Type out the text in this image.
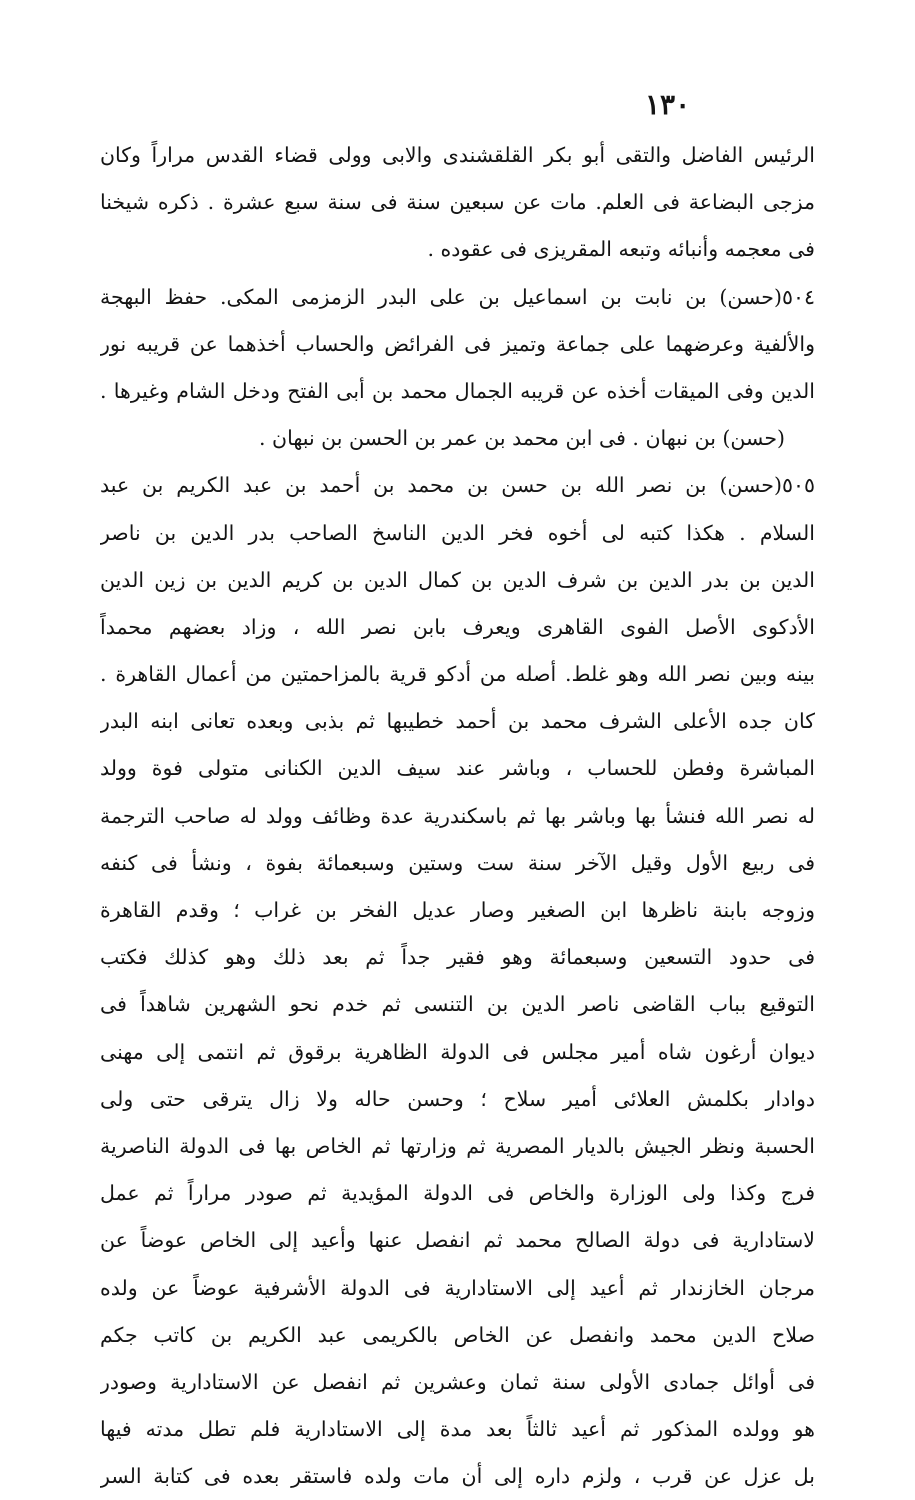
١٣٠
الرئيس الفاضل والتقى أبو بكر القلقشندى والابى وولى قضاء القدس مراراً وكان
مزجى البضاعة فى العلم. مات عن سبعين سنة فى سنة سبع عشرة . ذكره شيخنا
فى معجمه وأنبائه وتبعه المقريزى فى عقوده .
٥٠٤(حسن) بن نابت بن اسماعيل بن على البدر الزمزمى المكى. حفظ البهجة
والألفية وعرضهما على جماعة وتميز فى الفرائض والحساب أخذهما عن قريبه نور
الدين وفى الميقات أخذه عن قريبه الجمال محمد بن أبى الفتح ودخل الشام وغيرها .
(حسن) بن نبهان . فى ابن محمد بن عمر بن الحسن بن نبهان .
٥٠٥(حسن) بن نصر الله بن حسن بن محمد بن أحمد بن عبد الكريم بن عبد
السلام . هكذا كتبه لى أخوه فخر الدين الناسخ الصاحب بدر الدين بن ناصر
الدين بن بدر الدين بن شرف الدين بن كمال الدين بن كريم الدين بن زين الدين
الأدكوى الأصل الفوى القاهرى ويعرف بابن نصر الله ، وزاد بعضهم محمداً
بينه وبين نصر الله وهو غلط. أصله من أدكو قرية بالمزاحمتين من أعمال القاهرة .
كان جده الأعلى الشرف محمد بن أحمد خطيبها ثم بذبى وبعده تعانى ابنه البدر
المباشرة وفطن للحساب ، وباشر عند سيف الدين الكنانى متولى فوة وولد
له نصر الله فنشأ بها وباشر بها ثم باسكندرية عدة وظائف وولد له صاحب الترجمة
فى ربيع الأول وقيل الآخر سنة ست وستين وسبعمائة بفوة ، ونشأ فى كنفه
وزوجه بابنة ناظرها ابن الصغير وصار عديل الفخر بن غراب ؛ وقدم القاهرة
فى حدود التسعين وسبعمائة وهو فقير جداً ثم بعد ذلك وهو كذلك فكتب
التوقيع بباب القاضى ناصر الدين بن التنسى ثم خدم نحو الشهرين شاهداً فى
ديوان أرغون شاه أمير مجلس فى الدولة الظاهرية برقوق ثم انتمى إلى مهنى
دوادار بكلمش العلائى أمير سلاح ؛ وحسن حاله ولا زال يترقى حتى ولى
الحسبة ونظر الجيش بالديار المصرية ثم وزارتها ثم الخاص بها فى الدولة الناصرية
فرج وكذا ولى الوزارة والخاص فى الدولة المؤيدية ثم صودر مراراً ثم عمل
لاستادارية فى دولة الصالح محمد ثم انفصل عنها وأعيد إلى الخاص عوضاً عن
مرجان الخازندار ثم أعيد إلى الاستادارية فى الدولة الأشرفية عوضاً عن ولده
صلاح الدين محمد وانفصل عن الخاص بالكريمى عبد الكريم بن كاتب جكم
فى أوائل جمادى الأولى سنة ثمان وعشرين ثم انفصل عن الاستادارية وصودر
هو وولده المذكور ثم أعيد ثالثاً بعد مدة إلى الاستادارية فلم تطل مدته فيها
بل عزل عن قرب ، ولزم داره إلى أن مات ولده فاستقر بعده فى كتابة السر
